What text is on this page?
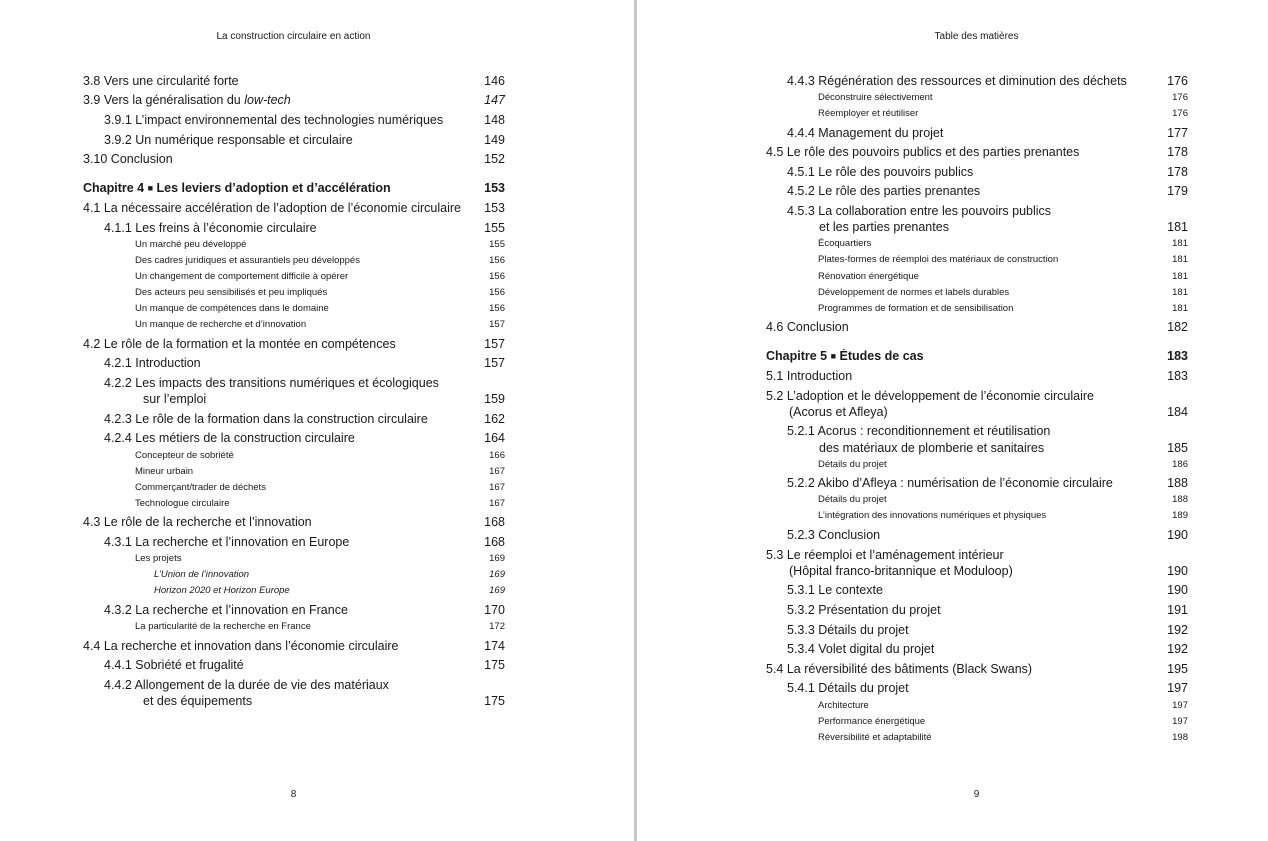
La construction circulaire en action
3.8 Vers une circularité forte	146
3.9 Vers la généralisation du low-tech	147
3.9.1 L’impact environnemental des technologies numériques	148
3.9.2 Un numérique responsable et circulaire	149
3.10 Conclusion	152
Chapitre 4 ■ Les leviers d’adoption et d’accélération	153
4.1 La nécessaire accélération de l’adoption de l’économie circulaire	153
4.1.1 Les freins à l’économie circulaire	155
Un marché peu développé	155
Des cadres juridiques et assurantiels peu développés	156
Un changement de comportement difficile à opérer	156
Des acteurs peu sensibilisés et peu impliqués	156
Un manque de compétences dans le domaine	156
Un manque de recherche et d’innovation	157
4.2 Le rôle de la formation et la montée en compétences	157
4.2.1 Introduction	157
4.2.2 Les impacts des transitions numériques et écologiques
sur l’emploi	159
4.2.3 Le rôle de la formation dans la construction circulaire	162
4.2.4 Les métiers de la construction circulaire	164
Concepteur de sobriété	166
Mineur urbain	167
Commerçant/trader de déchets	167
Technologue circulaire	167
4.3 Le rôle de la recherche et l’innovation	168
4.3.1 La recherche et l’innovation en Europe	168
Les projets	169
L’Union de l’innovation	169
Horizon 2020 et Horizon Europe	169
4.3.2 La recherche et l’innovation en France	170
La particularité de la recherche en France	172
4.4 La recherche et innovation dans l’économie circulaire	174
4.4.1 Sobriété et frugalité	175
4.4.2 Allongement de la durée de vie des matériaux
et des équipements	175
8
Table des matières
4.4.3 Régénération des ressources et diminution des déchets	176
Déconstruire sélectivement	176
Réemployer et réutiliser	176
4.4.4 Management du projet	177
4.5 Le rôle des pouvoirs publics et des parties prenantes	178
4.5.1 Le rôle des pouvoirs publics	178
4.5.2 Le rôle des parties prenantes	179
4.5.3 La collaboration entre les pouvoirs publics
et les parties prenantes	181
Écoquartiers	181
Plates-formes de réemploi des matériaux de construction	181
Rénovation énergétique	181
Développement de normes et labels durables	181
Programmes de formation et de sensibilisation	181
4.6 Conclusion	182
Chapitre 5 ■ Études de cas	183
5.1 Introduction	183
5.2 L’adoption et le développement de l’économie circulaire
(Acorus et Afleya)	184
5.2.1 Acorus : reconditionnement et réutilisation
des matériaux de plomberie et sanitaires	185
Détails du projet	186
5.2.2 Akibo d’Afleya : numérisation de l’économie circulaire	188
Détails du projet	188
L’intégration des innovations numériques et physiques	189
5.2.3 Conclusion	190
5.3 Le réemploi et l’aménagement intérieur
(Hôpital franco-britannique et Moduloop)	190
5.3.1 Le contexte	190
5.3.2 Présentation du projet	191
5.3.3 Détails du projet	192
5.3.4 Volet digital du projet	192
5.4 La réversibilité des bâtiments (Black Swans)	195
5.4.1 Détails du projet	197
Architecture	197
Performance énergétique	197
Réversibilité et adaptabilité	198
9
